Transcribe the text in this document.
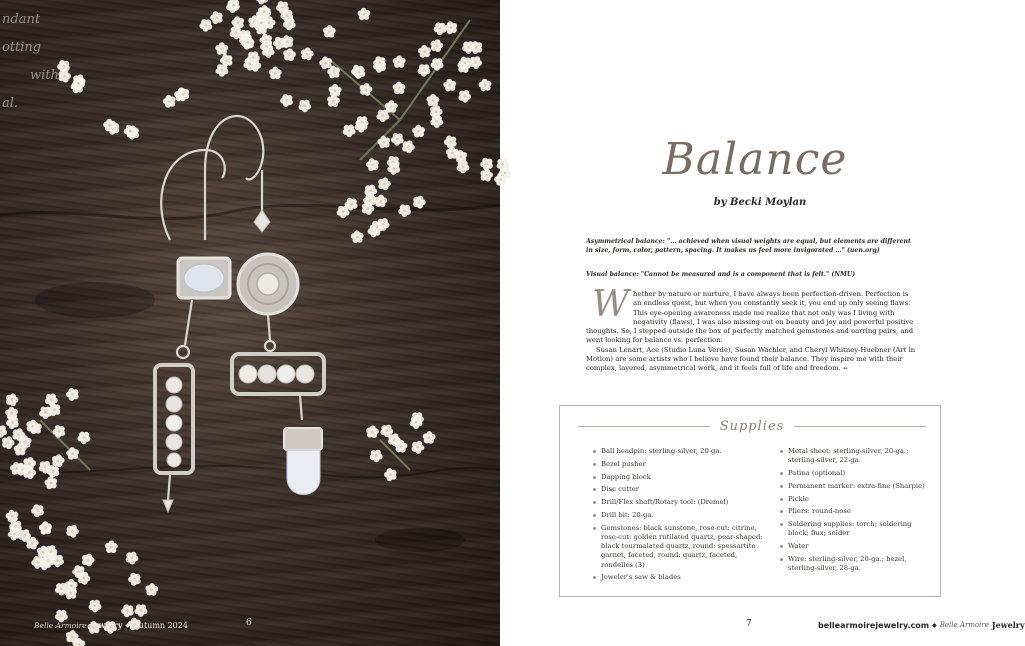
ndant
otting
with
al.
Belle Armoire Jewelry ◆ Autumn 2024	6
Balance
by Becki Moylan

Asymmetrical balance: "… achieved when visual weights are equal, but elements are different in size, form, color, pattern, spacing. It makes us feel more invigorated …" (uen.org)

Visual balance: "Cannot be measured and is a component that is felt." (NMU)

Whether by nature or nurture, I have always been perfection-driven. Perfection is an endless quest, but when you constantly seek it, you end up only seeing flaws. This eye-opening awareness made me realize that not only was I living with negativity (flaws), I was also missing out on beauty and joy and powerful positive thoughts. So, I stepped outside the box of perfectly matched gemstones and earring pairs, and went looking for balance vs. perfection.

Susan Lenart, Ace (Studio Luna Verde), Susan Wachler, and Cheryl Whitney-Huebner (Art in Motion) are some artists who I believe have found their balance. They inspire me with their complex, layered, asymmetrical work, and it feels full of life and freedom. ➻

Supplies
Ball headpin: sterling-silver, 20-ga.
Bezel pusher
Dapping block
Disc cutter
Drill/Flex shaft/Rotary tool: (Dremel)
Drill bit: 20-ga.
Gemstones: black sunstone, rose-cut: citrine, rose-cut: golden rutilated quartz, pear-shaped: black tourmalated quartz, round: spessartite garnet, faceted, round: quartz, faceted, rondelles (3)
Jeweler's saw & blades
Metal sheet: sterling-silver, 20-ga.; sterling-silver, 22-ga.
Patina (optional)
Permanent marker: extra-fine (Sharpie)
Pickle
Pliers: round-nose
Soldering supplies: torch; soldering block; flux; solder
Water
Wire: sterling-silver, 20-ga.; bezel, sterling-silver, 28-ga.
7	bellearmoirejewelry.com ◆ Belle Armoire Jewelry
